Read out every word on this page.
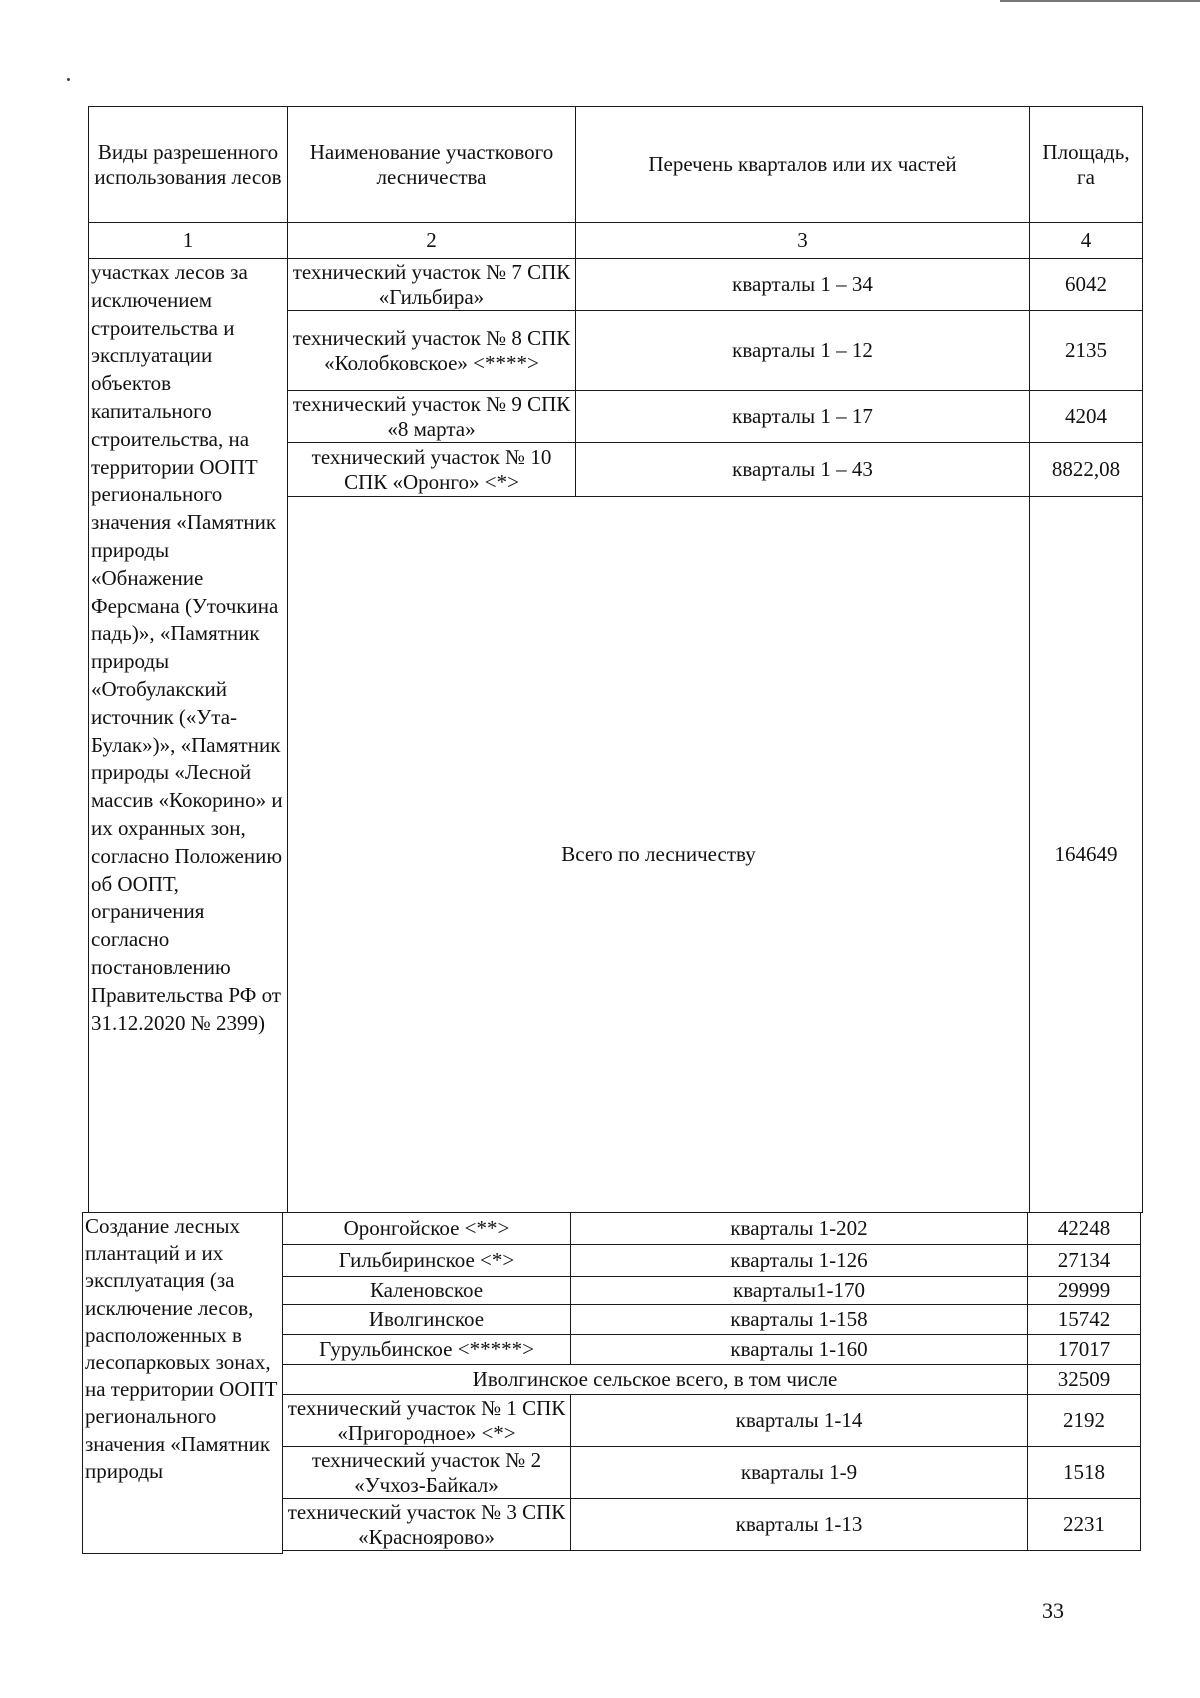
Виды разрешенного использования лесов	Наименование участкового лесничества	Перечень кварталов или их частей	Площадь, га
1	2	3	4
участках лесов за исключением строительства и эксплуатации объектов капитального строительства, на территории ООПТ регионального значения «Памятник природы «Обнажение Ферсмана (Уточкина падь)», «Памятник природы «Отобулакский источник («Ута-Булак»)», «Памятник природы «Лесной массив «Кокорино» и их охранных зон, согласно Положению об ООПТ, ограничения согласно постановлению Правительства РФ от 31.12.2020 № 2399)	технический участок № 7 СПК «Гильбира»	кварталы 1 – 34	6042
	технический участок № 8 СПК «Колобковское» <****>	кварталы 1 – 12	2135
	технический участок № 9 СПК «8 марта»	кварталы 1 – 17	4204
	технический участок № 10 СПК «Оронго» <*>	кварталы 1 – 43	8822,08
	Всего по лесничеству		164649
Создание лесных плантаций и их эксплуатация (за исключение лесов, расположенных в лесопарковых зонах, на территории ООПТ регионального значения «Памятник природы	Оронгойское <**>	кварталы 1-202	42248
	Гильбиринское <*>	кварталы 1-126	27134
	Каленовское	кварталы1-170	29999
	Иволгинское	кварталы 1-158	15742
	Гурульбинское <*****>	кварталы 1-160	17017
	Иволгинское сельское всего, в том числе		32509
	технический участок № 1 СПК «Пригородное» <*>	кварталы 1-14	2192
	технический участок № 2 «Учхоз-Байкал»	кварталы 1-9	1518
	технический участок № 3 СПК «Краснoярово»	кварталы 1-13	2231

33
